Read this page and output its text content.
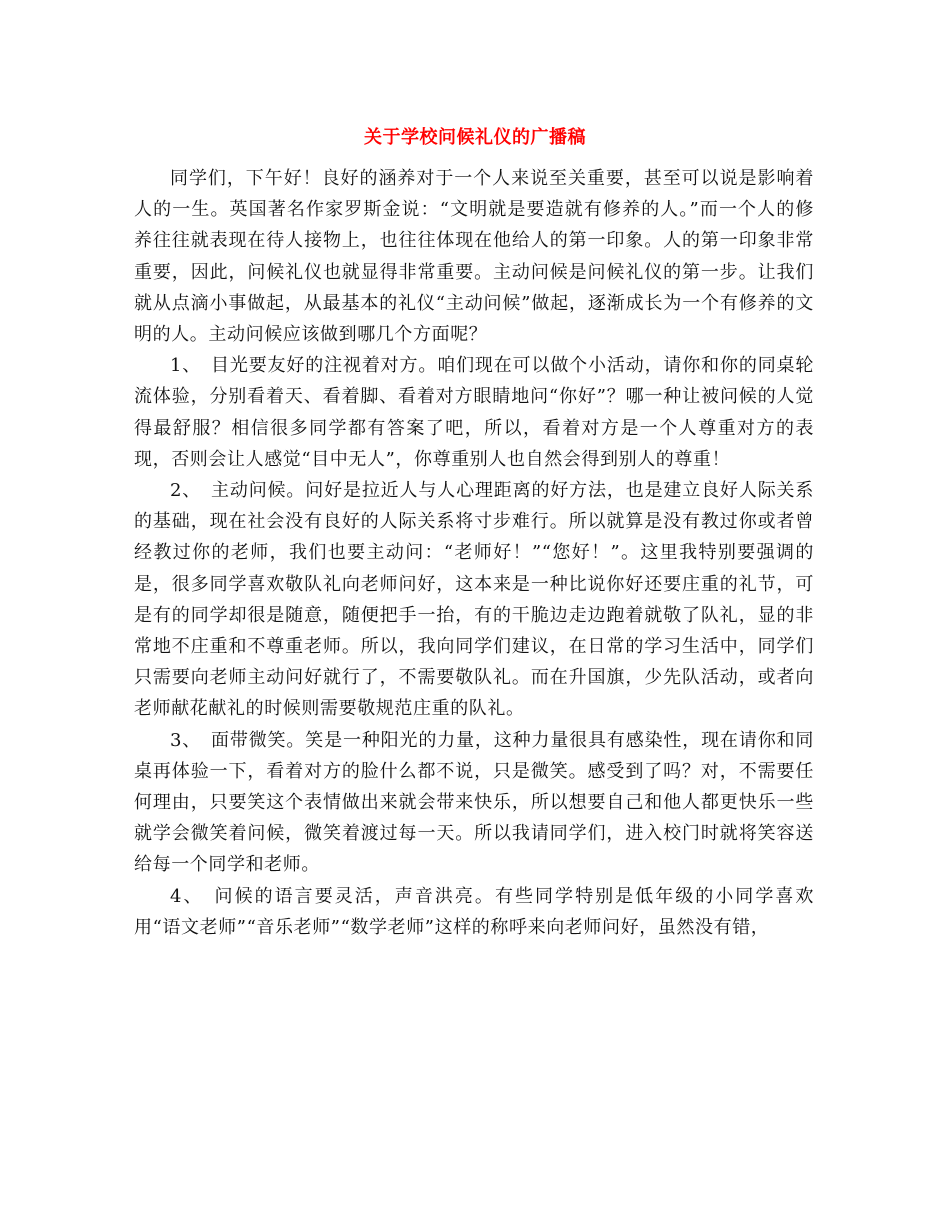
关于学校问候礼仪的广播稿

同学们，下午好！良好的涵养对于一个人来说至关重要，甚至可以说是影响着人的一生。英国著名作家罗斯金说：“文明就是要造就有修养的人。”而一个人的修养往往就表现在待人接物上，也往往体现在他给人的第一印象。人的第一印象非常重要，因此，问候礼仪也就显得非常重要。主动问候是问候礼仪的第一步。让我们就从点滴小事做起，从最基本的礼仪“主动问候”做起，逐渐成长为一个有修养的文明的人。主动问候应该做到哪几个方面呢？

1、　目光要友好的注视着对方。咱们现在可以做个小活动，请你和你的同桌轮流体验，分别看着天、看着脚、看着对方眼睛地问“你好”？哪一种让被问候的人觉得最舒服？相信很多同学都有答案了吧，所以，看着对方是一个人尊重对方的表现，否则会让人感觉“目中无人”，你尊重别人也自然会得到别人的尊重！

2、　主动问候。问好是拉近人与人心理距离的好方法，也是建立良好人际关系的基础，现在社会没有良好的人际关系将寸步难行。所以就算是没有教过你或者曾经教过你的老师，我们也要主动问：“老师好！”“您好！”。这里我特别要强调的是，很多同学喜欢敬队礼向老师问好，这本来是一种比说你好还要庄重的礼节，可是有的同学却很是随意，随便把手一抬，有的干脆边走边跑着就敬了队礼，显的非常地不庄重和不尊重老师。所以，我向同学们建议，在日常的学习生活中，同学们只需要向老师主动问好就行了，不需要敬队礼。而在升国旗，少先队活动，或者向老师献花献礼的时候则需要敬规范庄重的队礼。

3、　面带微笑。笑是一种阳光的力量，这种力量很具有感染性，现在请你和同桌再体验一下，看着对方的脸什么都不说，只是微笑。感受到了吗？对，不需要任何理由，只要笑这个表情做出来就会带来快乐，所以想要自己和他人都更快乐一些就学会微笑着问候，微笑着渡过每一天。所以我请同学们，进入校门时就将笑容送给每一个同学和老师。

4、　问候的语言要灵活，声音洪亮。有些同学特别是低年级的小同学喜欢用“语文老师”“音乐老师”“数学老师”这样的称呼来向老师问好，虽然没有错，
